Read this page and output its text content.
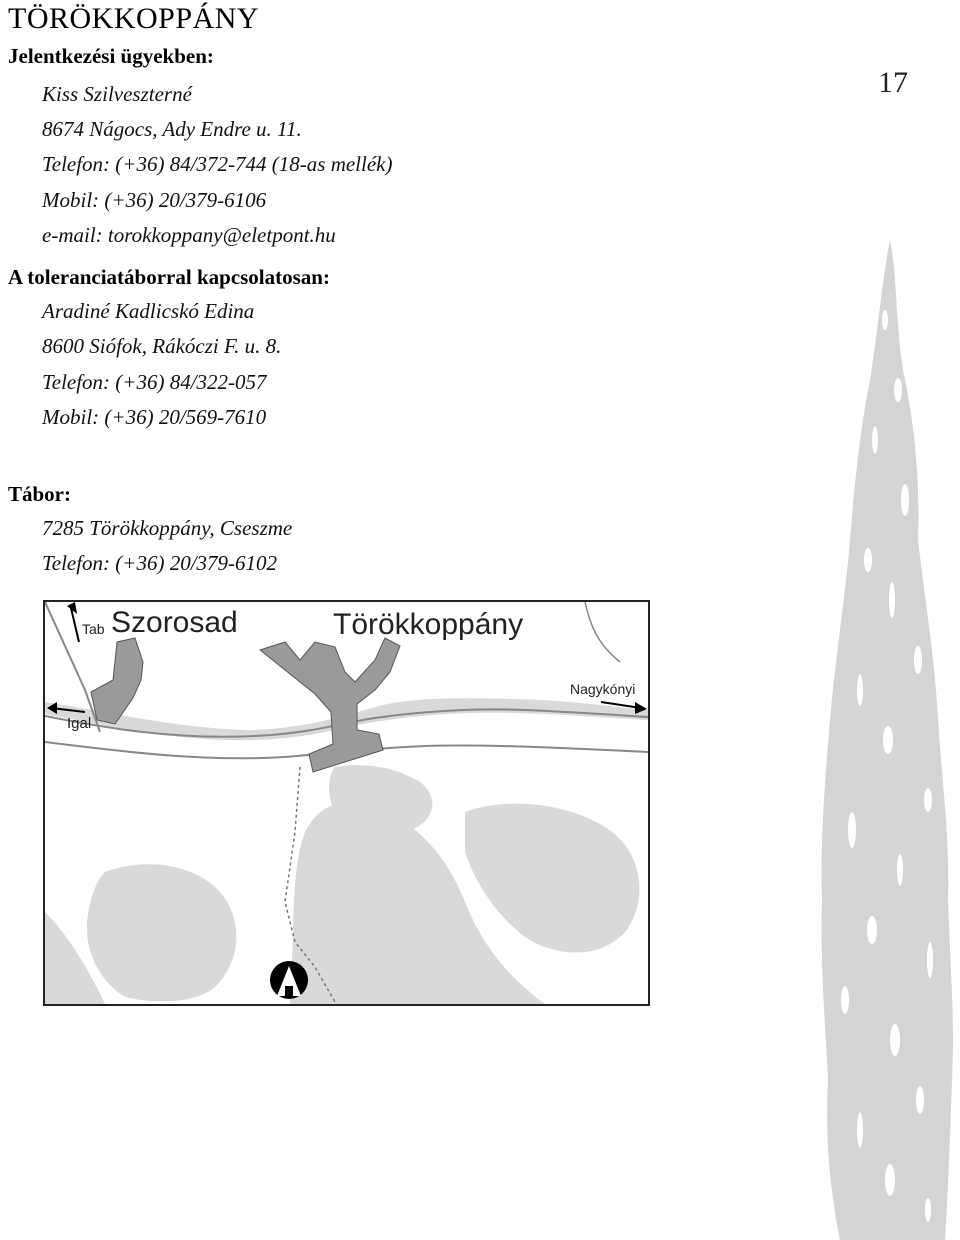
TÖRÖKKOPPÁNY
17
Jelentkezési ügyekben:
Kiss Szilveszterné
8674 Nágocs, Ady Endre u. 11.
Telefon: (+36) 84/372-744 (18-as mellék)
Mobil: (+36) 20/379-6106
e-mail: torokkoppany@eletpont.hu
A toleranciatáborral kapcsolatosan:
Aradiné Kadlicskó Edina
8600 Siófok, Rákóczi F. u. 8.
Telefon: (+36) 84/322-057
Mobil: (+36) 20/569-7610
Tábor:
7285 Törökkoppány, Cseszme
Telefon: (+36) 20/379-6102
Tab Szorosad	Törökkoppány
Nagykónyi
Igal
